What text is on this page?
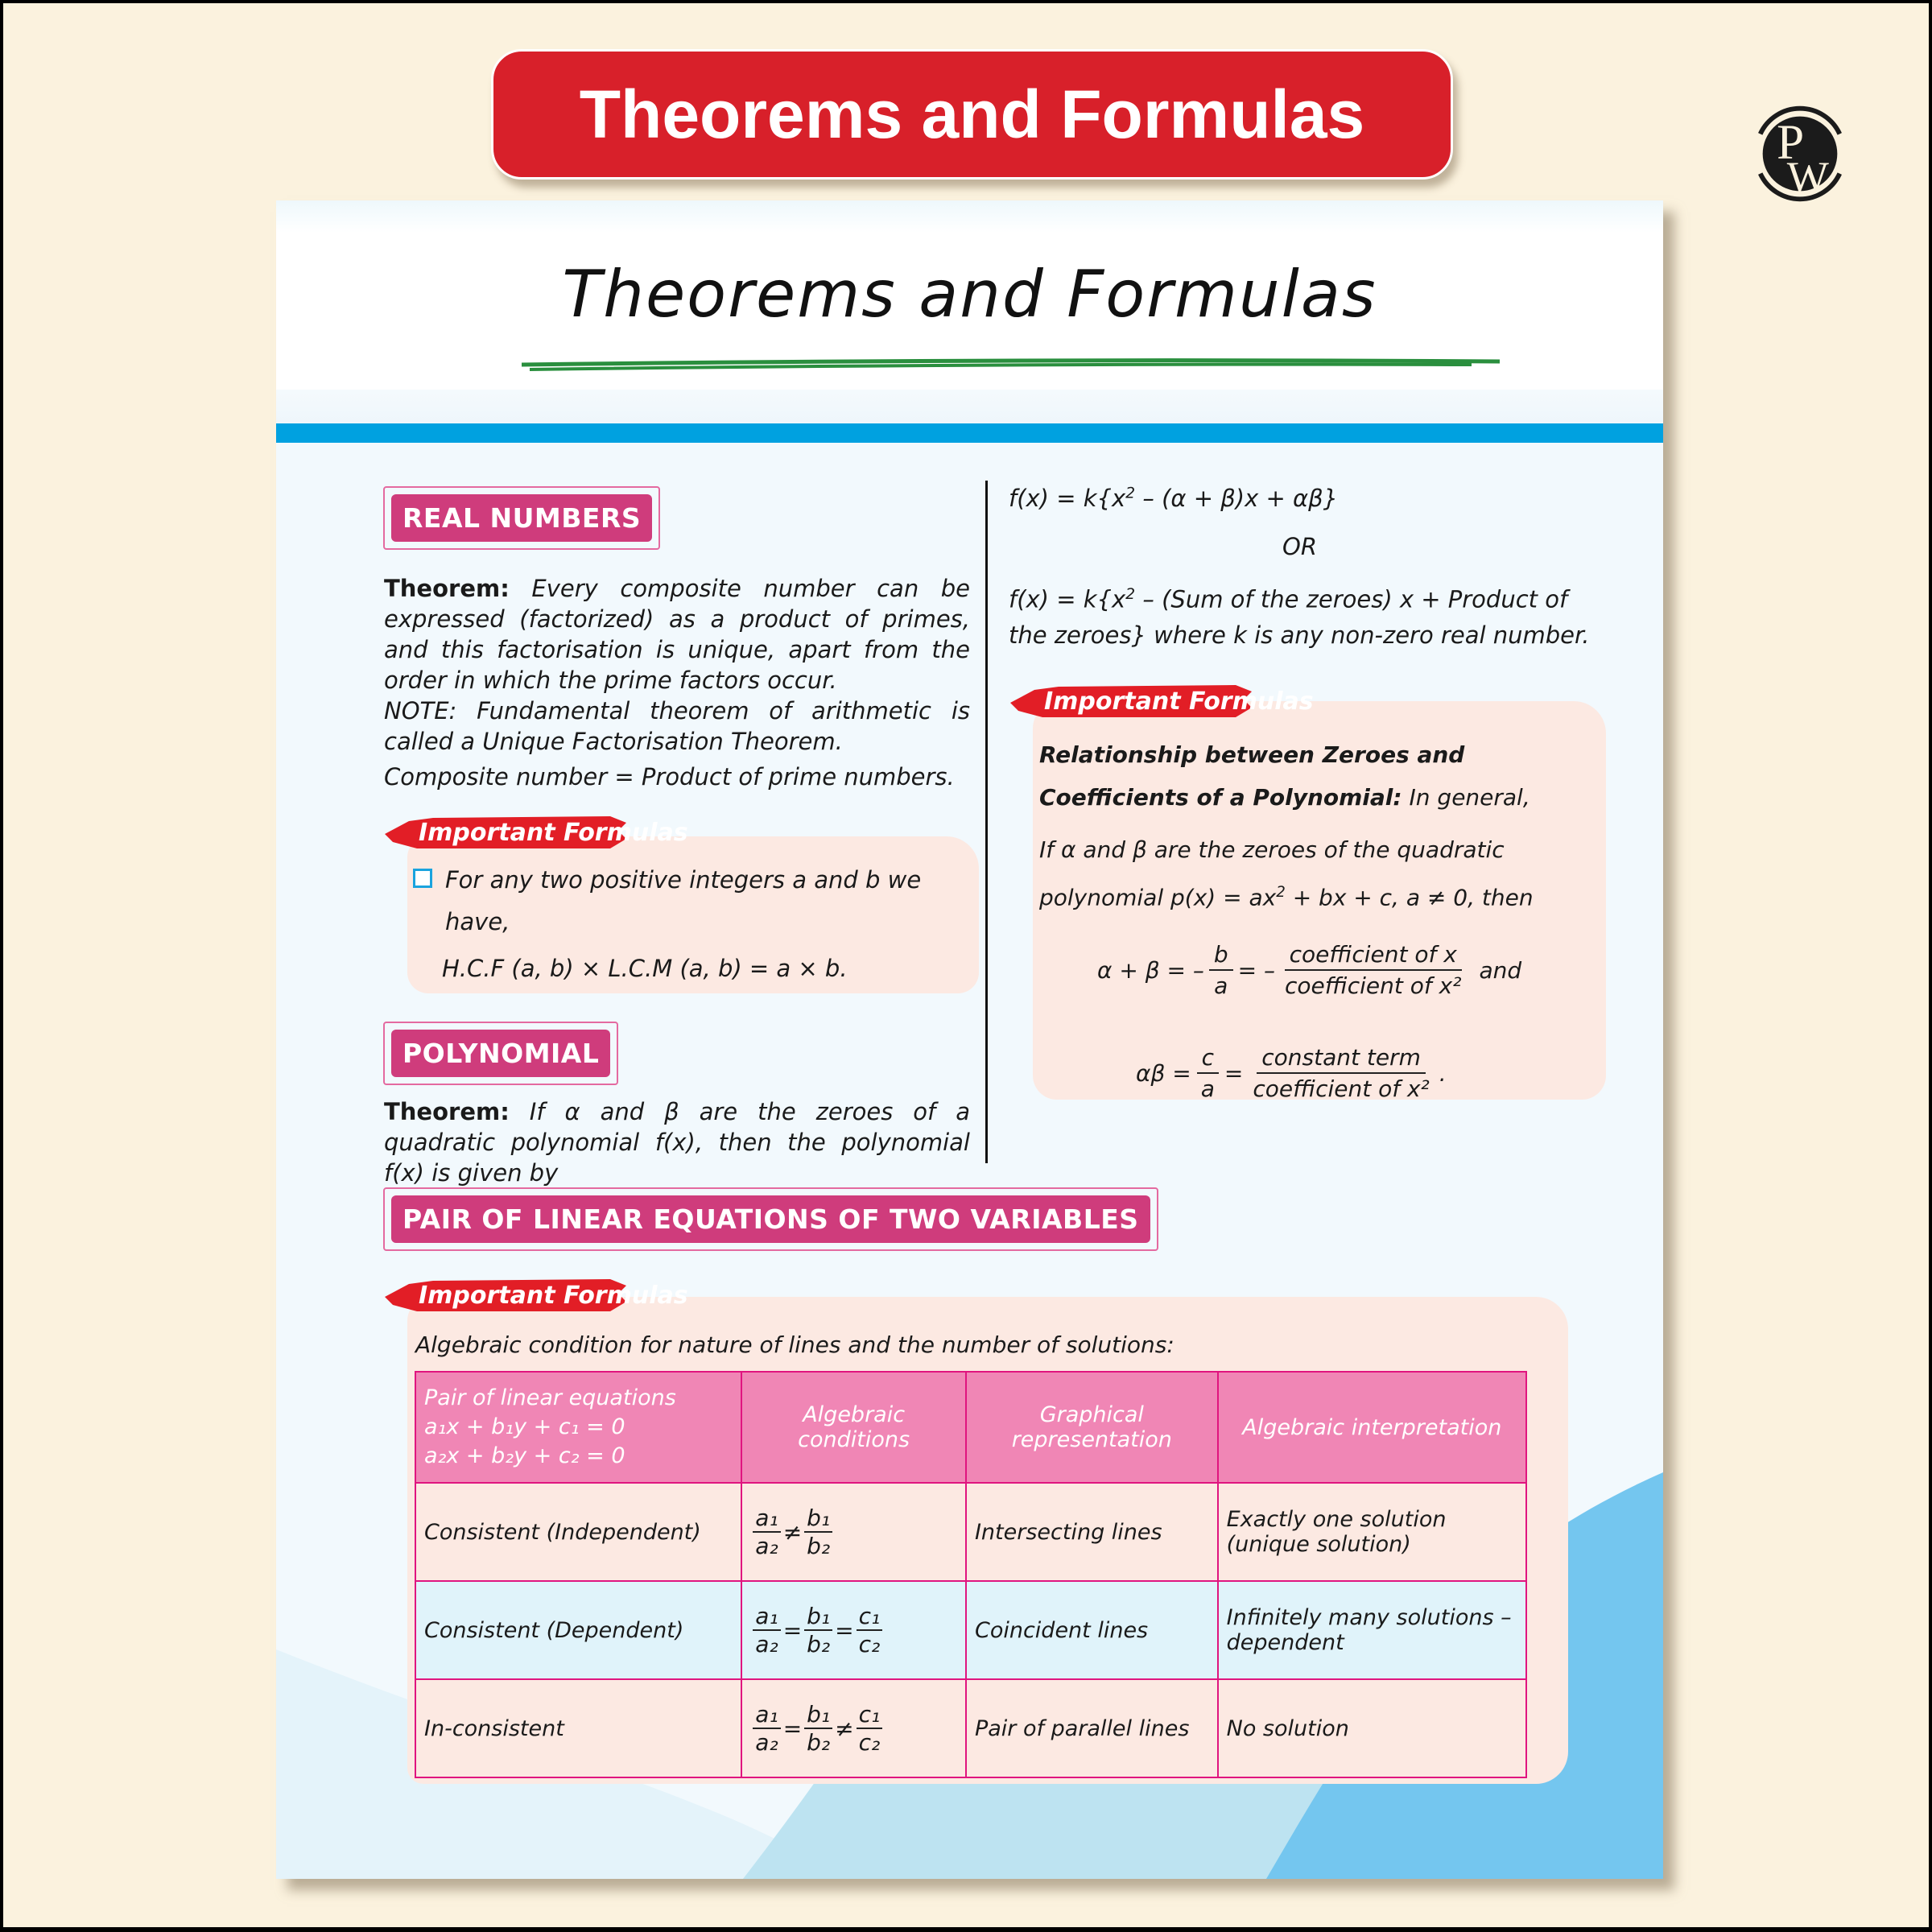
Theorems and Formulas	P
W
Theorems and Formulas
REAL NUMBERS
Theorem: Every composite number can be expressed (factorized) as a product of primes, and this factorisation is unique, apart from the order in which the prime factors occur.
NOTE: Fundamental theorem of arithmetic is called a Unique Factorisation Theorem.
Composite number = Product of prime numbers.
Important Formulas
For any two positive integers a and b we have,
H.C.F (a, b) × L.C.M (a, b) = a × b.
POLYNOMIAL
Theorem: If α and β are the zeroes of a quadratic polynomial f(x), then the polynomial f(x) is given by
$f(x) = k\{x^2 - (\alpha + \beta)x + \alpha\beta\}$
OR
$f(x) = k\{x^2 - (Sum$ of the zeroes) x + Product of the zeroes} where k is any non-zero real number.
Important Formulas
Relationship between Zeroes and Coefficients of a Polynomial: In general,
If α and β are the zeroes of the quadratic polynomial $p(x) = ax^2$ + bx + c, a ≠ 0, then
α + β = – $\frac{b}{a}$ = – $\frac{\text{coefficient of x}}{\text{coefficient of x²}}$ and
$\alpha\beta = \frac{c}{a} = \frac{\text{constant term}}{\text{coefficient of x²}}$ .
PAIR OF LINEAR EQUATIONS OF TWO VARIABLES
Important Formulas
Algebraic condition for nature of lines and the number of solutions:
Pair of linear equations
a₁x + b₁y + c₁ = 0
a₂x + b₂y + c₂ = 0	Algebraic conditions	Graphical representation	Algebraic interpretation
Consistent (Independent)	$\frac{\text{a₁}}{\text{a₂}} \ne \frac{\text{b₁}}{\text{b₂}}$	Intersecting lines	Exactly one solution (unique solution)
Consistent (Dependent)	$\frac{\text{a₁}}{\text{a₂}} = \frac{\text{b₁}}{\text{b₂}} = \frac{\text{c₁}}{\text{c₂}}$	Coincident lines	Infinitely many solutions – dependent
In-consistent	$\frac{\text{a₁}}{\text{a₂}} = \frac{\text{b₁}}{\text{b₂}} \ne \frac{\text{c₁}}{\text{c₂}}$	Pair of parallel lines	No solution
